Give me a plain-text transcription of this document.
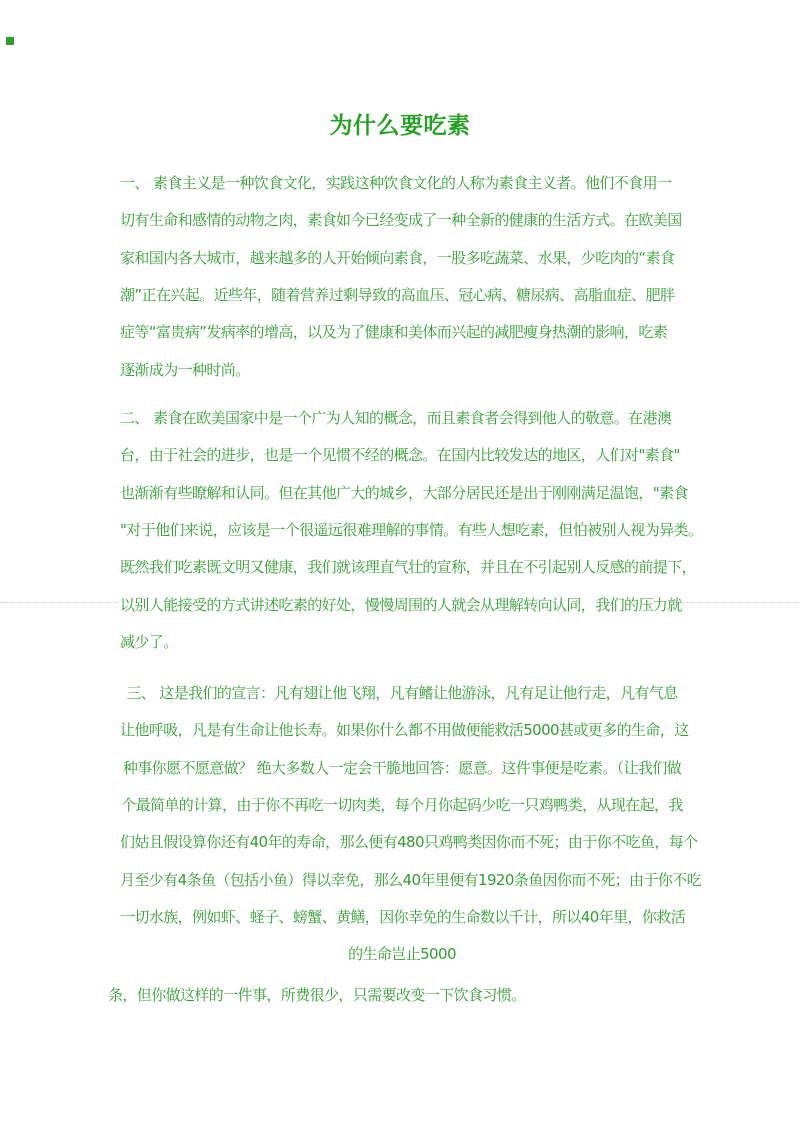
为什么要吃素
一、 素食主义是一种饮食文化，实践这种饮食文化的人称为素食主义者。他们不食用一
切有生命和感情的动物之肉，素食如今已经变成了一种全新的健康的生活方式。在欧美国
家和国内各大城市，越来越多的人开始倾向素食，一股多吃蔬菜、水果，少吃肉的“素食
潮”正在兴起。近些年，随着营养过剩导致的高血压、冠心病、糖尿病、高脂血症、肥胖
症等“富贵病”发病率的增高，以及为了健康和美体而兴起的减肥瘦身热潮的影响，吃素
逐渐成为一种时尚。
二、 素食在欧美国家中是一个广为人知的概念，而且素食者会得到他人的敬意。在港澳
台，由于社会的进步，也是一个见惯不经的概念。在国内比较发达的地区，人们对"素食"
也渐渐有些瞭解和认同。但在其他广大的城乡，大部分居民还是出于刚刚满足温饱，"素食
"对于他们来说，应该是一个很遥远很难理解的事情。有些人想吃素，但怕被别人视为异类。
既然我们吃素既文明又健康，我们就该理直气壮的宣称，并且在不引起别人反感的前提下，
以别人能接受的方式讲述吃素的好处，慢慢周围的人就会从理解转向认同，我们的压力就
减少了。
三、 这是我们的宣言：凡有翅让他飞翔，凡有鳍让他游泳，凡有足让他行走，凡有气息
让他呼吸，凡是有生命让他长寿。如果你什么都不用做便能救活5000甚或更多的生命，这
种事你愿不愿意做？ 绝大多数人一定会干脆地回答：愿意。这件事便是吃素。（让我们做
个最简单的计算，由于你不再吃一切肉类，每个月你起码少吃一只鸡鸭类，从现在起，我
们姑且假设算你还有40年的寿命，那么便有480只鸡鸭类因你而不死；由于你不吃鱼，每个
月至少有4条鱼（包括小鱼）得以幸免，那么40年里便有1920条鱼因你而不死；由于你不吃
一切水族，例如虾、蛏子、螃蟹、黄鳝，因你幸免的生命数以千计，所以40年里，你救活
的生命岂止5000
条，但你做这样的一件事，所费很少，只需要改变一下饮食习惯。
